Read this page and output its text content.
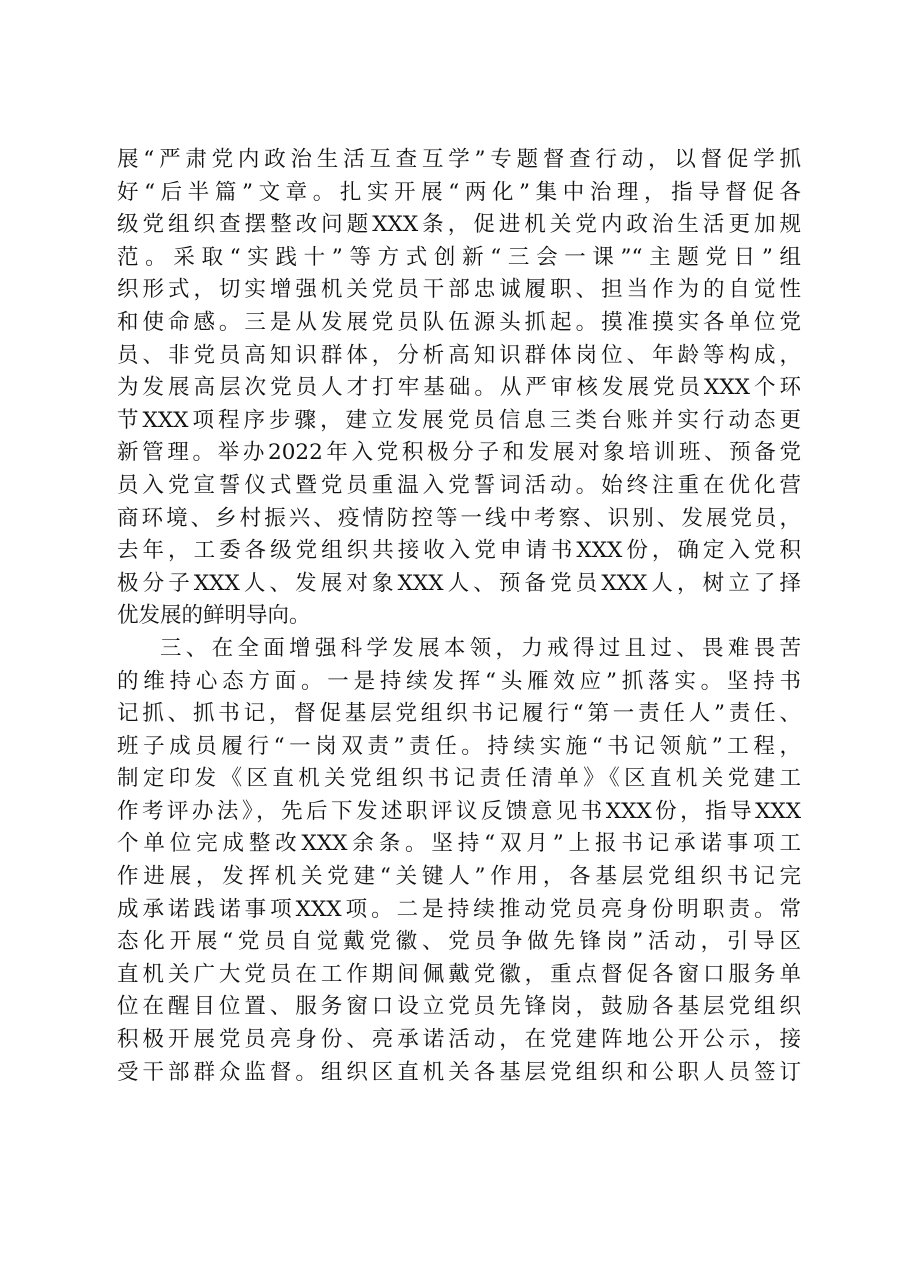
展“严肃党内政治生活互查互学”专题督查行动，以督促学抓
好“后半篇”文章。扎实开展“两化”集中治理，指导督促各
级党组织查摆整改问题XXX条，促进机关党内政治生活更加规
范。采取“实践十”等方式创新“三会一课”“主题党日”组
织形式，切实增强机关党员干部忠诚履职、担当作为的自觉性
和使命感。三是从发展党员队伍源头抓起。摸准摸实各单位党
员、非党员高知识群体，分析高知识群体岗位、年龄等构成，
为发展高层次党员人才打牢基础。从严审核发展党员XXX个环
节XXX项程序步骤，建立发展党员信息三类台账并实行动态更
新管理。举办2022年入党积极分子和发展对象培训班、预备党
员入党宣誓仪式暨党员重温入党誓词活动。始终注重在优化营
商环境、乡村振兴、疫情防控等一线中考察、识别、发展党员，
去年，工委各级党组织共接收入党申请书XXX份，确定入党积
极分子XXX人、发展对象XXX人、预备党员XXX人，树立了择
优发展的鲜明导向。
三、在全面增强科学发展本领，力戒得过且过、畏难畏苦
的维持心态方面。一是持续发挥“头雁效应”抓落实。坚持书
记抓、抓书记，督促基层党组织书记履行“第一责任人”责任、
班子成员履行“一岗双责”责任。持续实施“书记领航”工程，
制定印发《区直机关党组织书记责任清单》《区直机关党建工
作考评办法》，先后下发述职评议反馈意见书XXX份，指导XXX
个单位完成整改XXX余条。坚持“双月”上报书记承诺事项工
作进展，发挥机关党建“关键人”作用，各基层党组织书记完
成承诺践诺事项XXX项。二是持续推动党员亮身份明职责。常
态化开展“党员自觉戴党徽、党员争做先锋岗”活动，引导区
直机关广大党员在工作期间佩戴党徽，重点督促各窗口服务单
位在醒目位置、服务窗口设立党员先锋岗，鼓励各基层党组织
积极开展党员亮身份、亮承诺活动，在党建阵地公开公示，接
受干部群众监督。组织区直机关各基层党组织和公职人员签订
